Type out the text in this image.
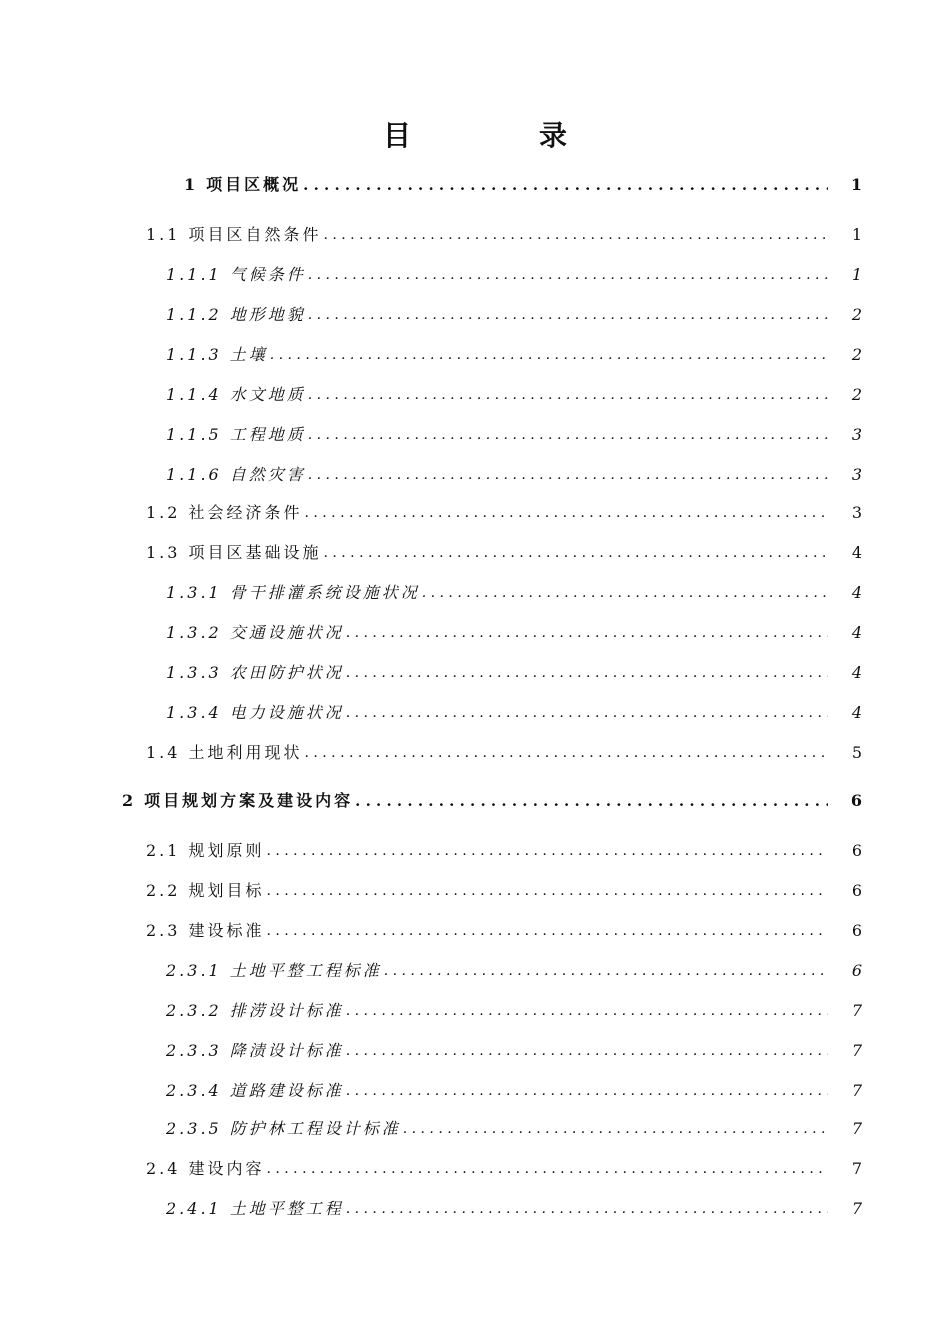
目　录
1 项目区概况 . . .	1
1.1 项目区自然条件 . . .	1
1.1.1 气候条件 . . .	1
1.1.2 地形地貌 . . .	2
1.1.3 土壤 . . .	2
1.1.4 水文地质 . . .	2
1.1.5 工程地质 . . .	3
1.1.6 自然灾害 . . .	3
1.2 社会经济条件 . . .	3
1.3 项目区基础设施 . . .	4
1.3.1 骨干排灌系统设施状况 . . .	4
1.3.2 交通设施状况 . . .	4
1.3.3 农田防护状况 . . .	4
1.3.4 电力设施状况 . . .	4
1.4 土地利用现状 . . .	5
2 项目规划方案及建设内容 . . .	6
2.1 规划原则 . . .	6
2.2 规划目标 . . .	6
2.3 建设标准 . . .	6
2.3.1 土地平整工程标准 . . .	6
2.3.2 排涝设计标准 . . .	7
2.3.3 降渍设计标准 . . .	7
2.3.4 道路建设标准 . . .	7
2.3.5 防护林工程设计标准 . . .	7
2.4 建设内容 . . .	7
2.4.1 土地平整工程 . . .	7
